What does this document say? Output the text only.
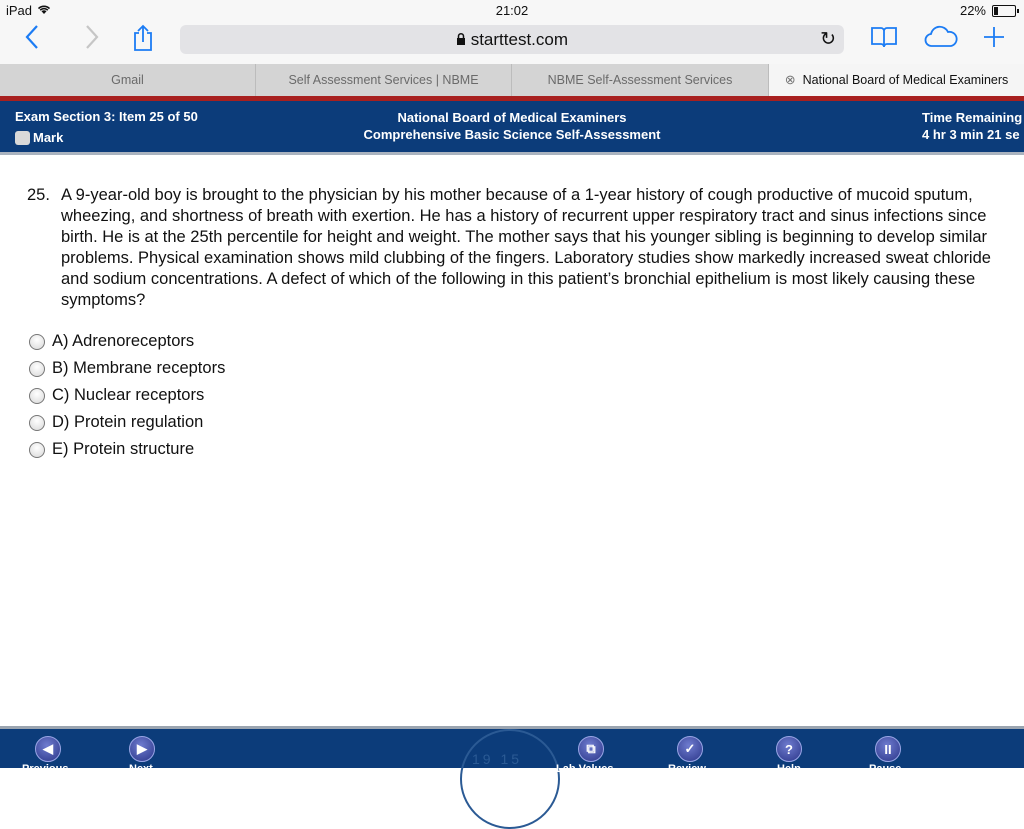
iPad	21:02	22%
starttest.com	↻
Gmail	Self Assessment Services | NBME	NBME Self-Assessment Services	⊗ National Board of Medical Examiners
Exam Section 3: Item 25 of 50
Mark
National Board of Medical Examiners
Comprehensive Basic Science Self-Assessment
Time Remaining
4 hr 3 min 21 se
25. A 9-year-old boy is brought to the physician by his mother because of a 1-year history of cough productive of mucoid sputum, wheezing, and shortness of breath with exertion. He has a history of recurrent upper respiratory tract and sinus infections since birth. He is at the 25th percentile for height and weight. The mother says that his younger sibling is beginning to develop similar problems. Physical examination shows mild clubbing of the fingers. Laboratory studies show markedly increased sweat chloride and sodium concentrations. A defect of which of the following in this patient’s bronchial epithelium is most likely causing these symptoms?
A) Adrenoreceptors
B) Membrane receptors
C) Nuclear receptors
D) Protein regulation
E) Protein structure
19 15
◀
Previous
▶
Next
⧉
Lab Values
✓
Review
?
Help
II
Pause
